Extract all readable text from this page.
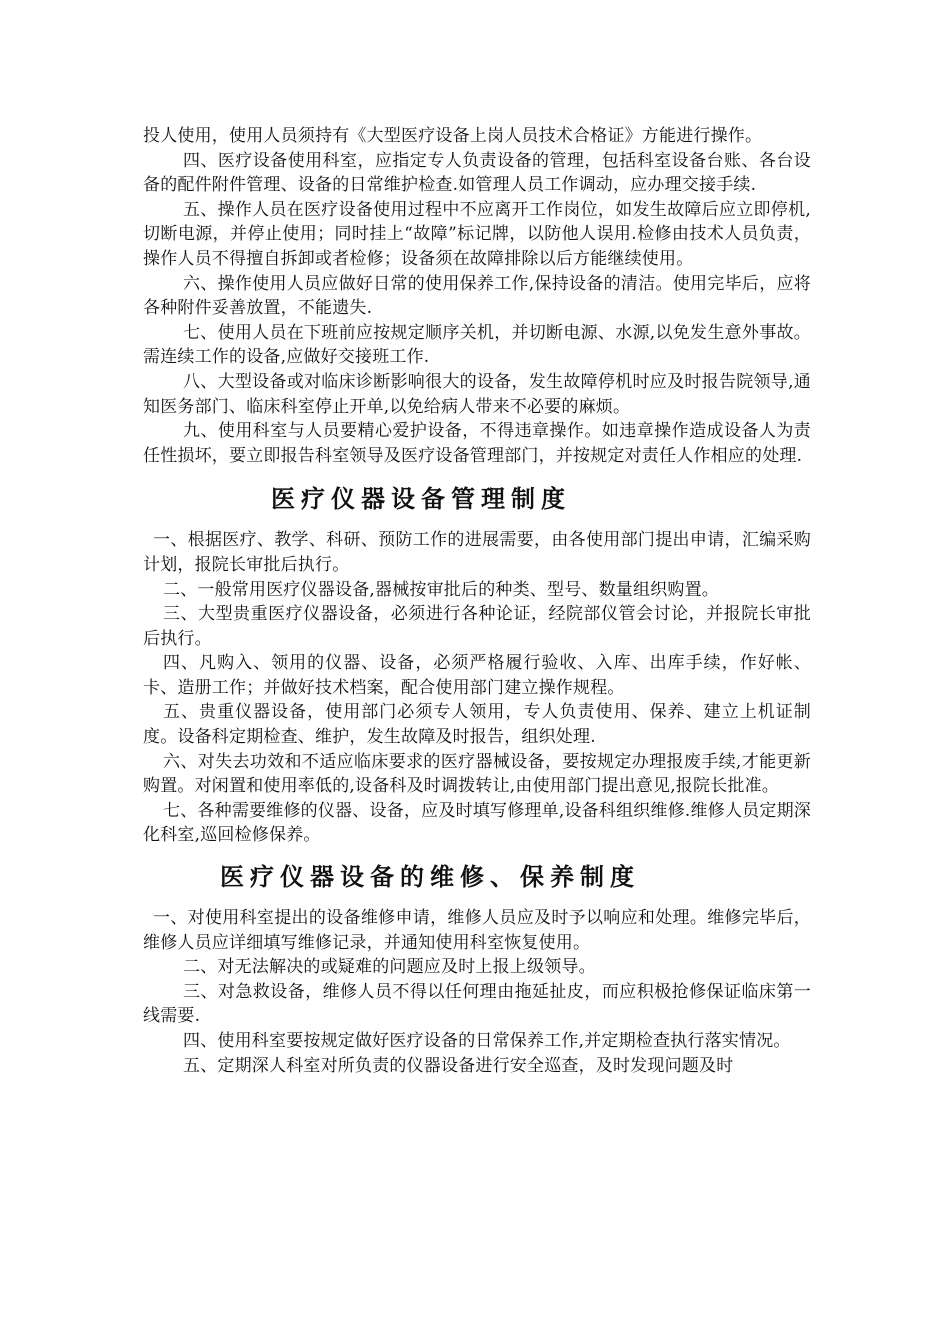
投人使用，使用人员须持有《大型医疗设备上岗人员技术合格证》方能进行操作。

四、医疗设备使用科室，应指定专人负责设备的管理，包括科室设备台账、各台设备的配件附件管理、设备的日常维护检查.如管理人员工作调动，应办理交接手续.

五、操作人员在医疗设备使用过程中不应离开工作岗位，如发生故障后应立即停机,切断电源，并停止使用；同时挂上“故障”标记牌，以防他人误用.检修由技术人员负责，操作人员不得擅自拆卸或者检修；设备须在故障排除以后方能继续使用。

六、操作使用人员应做好日常的使用保养工作,保持设备的清洁。使用完毕后，应将各种附件妥善放置，不能遗失.

七、使用人员在下班前应按规定顺序关机，并切断电源、水源,以免发生意外事故。需连续工作的设备,应做好交接班工作.

八、大型设备或对临床诊断影响很大的设备，发生故障停机时应及时报告院领导,通知医务部门、临床科室停止开单,以免给病人带来不必要的麻烦。

九、使用科室与人员要精心爱护设备，不得违章操作。如违章操作造成设备人为责任性损坏，要立即报告科室领导及医疗设备管理部门，并按规定对责任人作相应的处理.

医疗仪器设备管理制度

一、根据医疗、教学、科研、预防工作的进展需要，由各使用部门提出申请，汇编采购计划，报院长审批后执行。

二、一般常用医疗仪器设备,器械按审批后的种类、型号、数量组织购置。

三、大型贵重医疗仪器设备，必须进行各种论证，经院部仪管会讨论，并报院长审批后执行。

四、凡购入、领用的仪器、设备，必须严格履行验收、入库、出库手续，作好帐、卡、造册工作；并做好技术档案，配合使用部门建立操作规程。

五、贵重仪器设备，使用部门必须专人领用，专人负责使用、保养、建立上机证制度。设备科定期检查、维护，发生故障及时报告，组织处理.

六、对失去功效和不适应临床要求的医疗器械设备，要按规定办理报废手续,才能更新购置。对闲置和使用率低的,设备科及时调拨转让,由使用部门提出意见,报院长批准。

七、各种需要维修的仪器、设备，应及时填写修理单,设备科组织维修.维修人员定期深化科室,巡回检修保养。

医疗仪器设备的维修、保养制度

一、对使用科室提出的设备维修申请，维修人员应及时予以响应和处理。维修完毕后，维修人员应详细填写维修记录，并通知使用科室恢复使用。

二、对无法解决的或疑难的问题应及时上报上级领导。

三、对急救设备，维修人员不得以任何理由拖延扯皮，而应积极抢修保证临床第一线需要.

四、使用科室要按规定做好医疗设备的日常保养工作,并定期检查执行落实情况。

五、定期深人科室对所负责的仪器设备进行安全巡查，及时发现问题及时
